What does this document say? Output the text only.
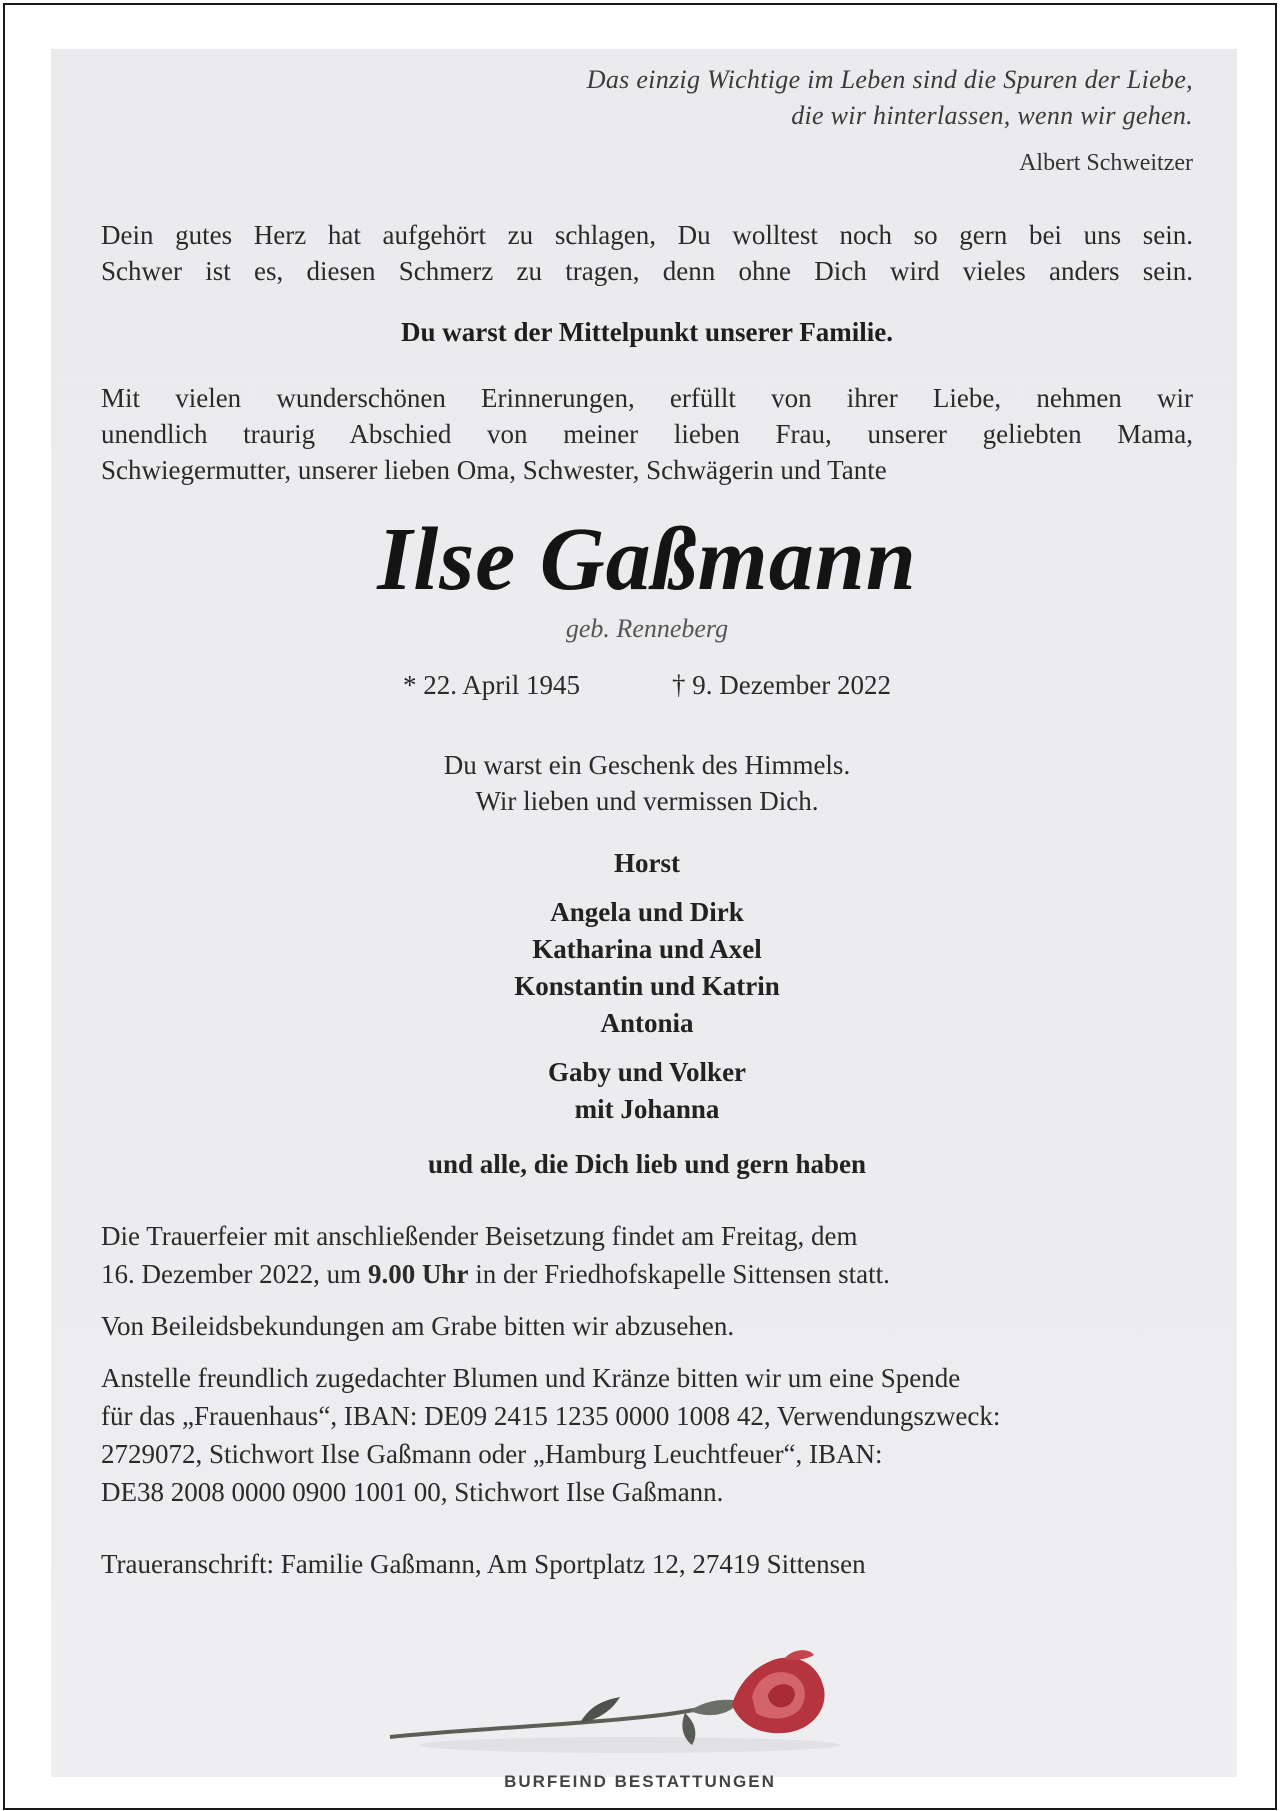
Das einzig Wichtige im Leben sind die Spuren der Liebe,
die wir hinterlassen, wenn wir gehen.
Albert Schweitzer
Dein gutes Herz hat aufgehört zu schlagen, Du wolltest noch so gern bei uns sein.
Schwer ist es, diesen Schmerz zu tragen, denn ohne Dich wird vieles anders sein.
Du warst der Mittelpunkt unserer Familie.
Mit vielen wunderschönen Erinnerungen, erfüllt von ihrer Liebe, nehmen wir
unendlich traurig Abschied von meiner lieben Frau, unserer geliebten Mama,
Schwiegermutter, unserer lieben Oma, Schwester, Schwägerin und Tante
Ilse Gaßmann
geb. Renneberg
* 22. April 1945	† 9. Dezember 2022
Du warst ein Geschenk des Himmels.
Wir lieben und vermissen Dich.
Horst
Angela und Dirk
Katharina und Axel
Konstantin und Katrin
Antonia
Gaby und Volker
mit Johanna
und alle, die Dich lieb und gern haben

Die Trauerfeier mit anschließender Beisetzung findet am Freitag, dem
16. Dezember 2022, um 9.00 Uhr in der Friedhofskapelle Sittensen statt.

Von Beileidsbekundungen am Grabe bitten wir abzusehen.

Anstelle freundlich zugedachter Blumen und Kränze bitten wir um eine Spende
für das „Frauenhaus“, IBAN: DE09 2415 1235 0000 1008 42, Verwendungszweck:
2729072, Stichwort Ilse Gaßmann oder „Hamburg Leuchtfeuer“, IBAN:
DE38 2008 0000 0900 1001 00, Stichwort Ilse Gaßmann.

Traueranschrift: Familie Gaßmann, Am Sportplatz 12, 27419 Sittensen

BURFEIND BESTATTUNGEN
